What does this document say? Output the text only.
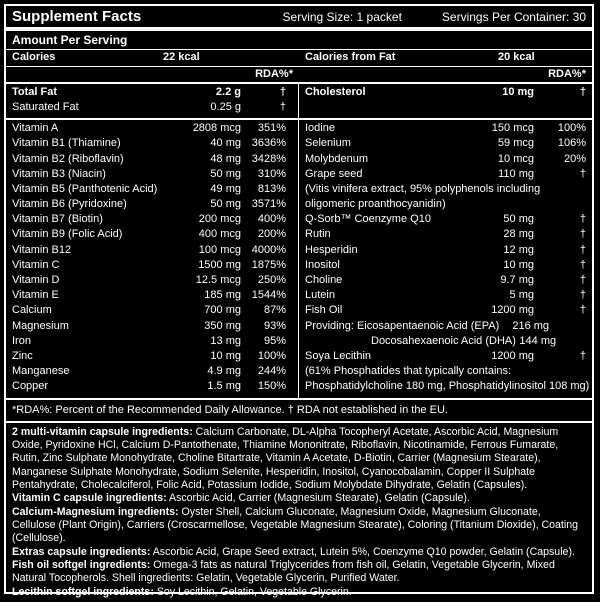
Supplement Facts	Serving Size: 1 packet	Servings Per Container: 30
Amount Per Serving
Calories	22 kcal	Calories from Fat	20 kcal
RDA%*	RDA%*
Total Fat	2.2 g	†
Saturated Fat	0.25 g	†
Cholesterol	10 mg	†
Vitamin A	2808 mcg	351%
Vitamin B1 (Thiamine)	40 mg 3636%
Vitamin B2 (Riboflavin)	48 mg 3428%
Vitamin B3 (Niacin)	50 mg	310%
Vitamin B5 (Panthotenic Acid)	49 mg	813%
Vitamin B6 (Pyridoxine)	50 mg 3571%
Vitamin B7 (Biotin)	200 mcg	400%
Vitamin B9 (Folic Acid)	400 mcg	200%
Vitamin B12	100 mcg 4000%
Vitamin C	1500 mg 1875%
Vitamin D	12.5 mcg	250%
Vitamin E	185 mg 1544%
Calcium	700 mg	87%
Magnesium	350 mg	93%
Iron	13 mg	95%
Zinc	10 mg	100%
Manganese	4.9 mg	244%
Copper	1.5 mg	150%
Iodine	150 mcg	100%
Selenium	59 mcg	106%
Molybdenum	10 mcg	20%
Grape seed	110 mg	†
(Vitis vinifera extract, 95% polyphenols including
oligomeric proanthocyanidin)
Q-Sorb™ Coenzyme Q10	50 mg	†
Rutin	28 mg	†
Hesperidin	12 mg	†
Inositol	10 mg	†
Choline	9.7 mg	†
Lutein	5 mg	†
Fish Oil	1200 mg	†
Providing: Eicosapentaenoic Acid (EPA)	216 mg
Docosahexaenoic Acid (DHA) 144 mg
Soya Lecithin	1200 mg	†
(61% Phosphatides that typically contains:
Phosphatidylcholine 180 mg, Phosphatidylinositol 108 mg)
*RDA%: Percent of the Recommended Daily Allowance. † RDA not established in the EU.

2 multi-vitamin capsule ingredients: Calcium Carbonate, DL-Alpha Tocopheryl Acetate, Ascorbic Acid, Magnesium Oxide, Pyridoxine HCl, Calcium D-Pantothenate, Thiamine Mononitrate, Riboflavin, Nicotinamide, Ferrous Fumarate, Rutin, Zinc Sulphate Monohydrate, Choline Bitartrate, Vitamin A Acetate, D-Biotin, Carrier (Magnesium Stearate), Manganese Sulphate Monohydrate, Sodium Selenite, Hesperidin, Inositol, Cyanocobalamin, Copper II Sulphate Pentahydrate, Cholecalciferol, Folic Acid, Potassium Iodide, Sodium Molybdate Dihydrate, Gelatin (Capsules).

Vitamin C capsule ingredients: Ascorbic Acid, Carrier (Magnesium Stearate), Gelatin (Capsule).

Calcium-Magnesium ingredients: Oyster Shell, Calcium Gluconate, Magnesium Oxide, Magnesium Gluconate, Cellulose (Plant Origin), Carriers (Croscarmellose, Vegetable Magnesium Stearate), Coloring (Titanium Dioxide), Coating (Cellulose).

Extras capsule ingredients: Ascorbic Acid, Grape Seed extract, Lutein 5%, Coenzyme Q10 powder, Gelatin (Capsule).

Fish oil softgel ingredients: Omega-3 fats as natural Triglycerides from fish oil, Gelatin, Vegetable Glycerin, Mixed Natural Tocopherols. Shell ingredients: Gelatin, Vegetable Glycerin, Purified Water.

Lecithin softgel ingredients: Soy Lecithin, Gelatin, Vegetable Glycerin.
